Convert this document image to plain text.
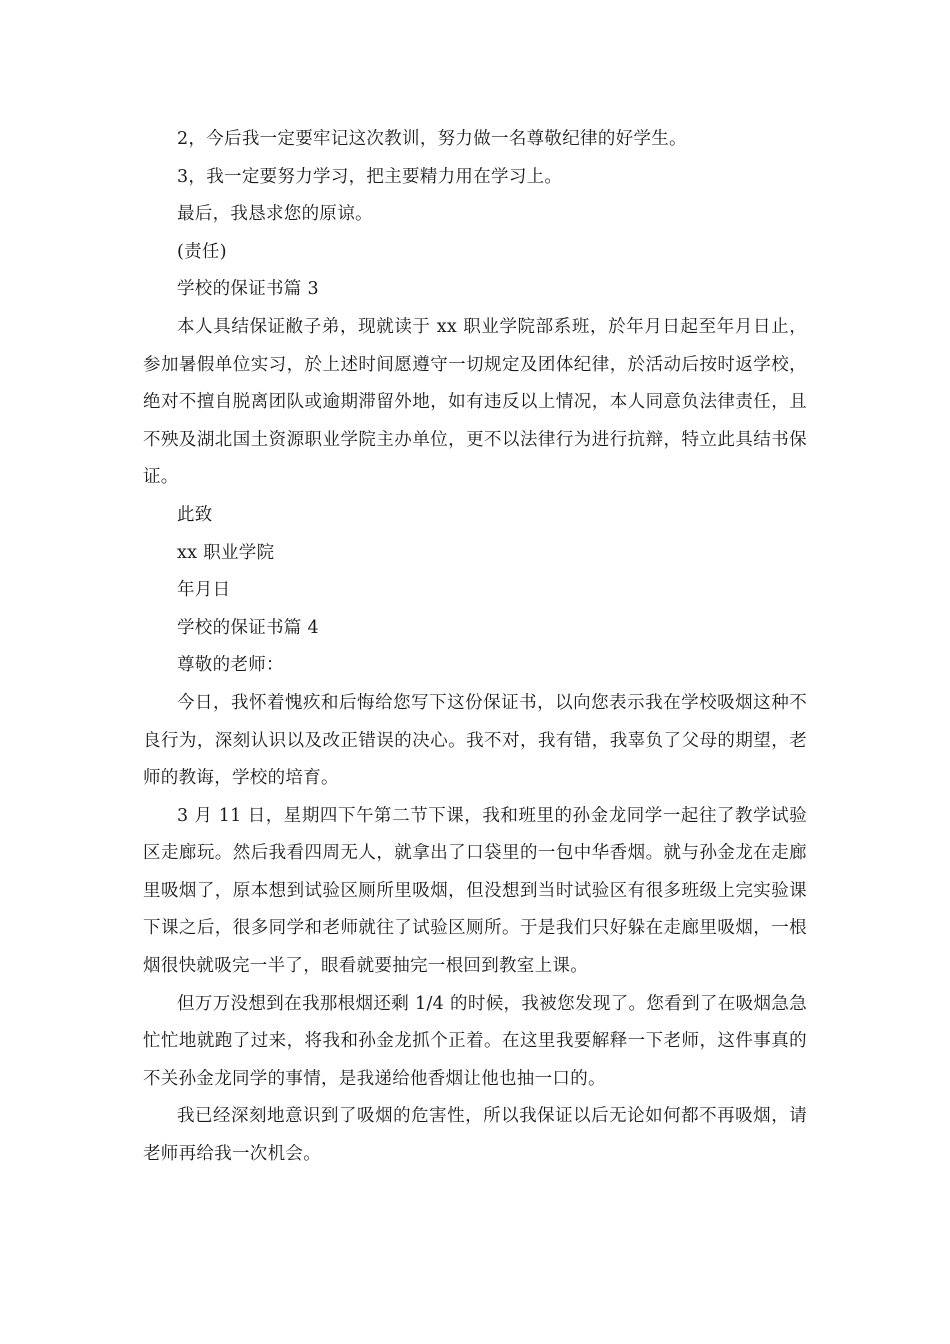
2，今后我一定要牢记这次教训，努力做一名尊敬纪律的好学生。

3，我一定要努力学习，把主要精力用在学习上。

最后，我恳求您的原谅。

(责任)

学校的保证书篇 3

本人具结保证敝子弟，现就读于 xx 职业学院部系班，於年月日起至年月日止，参加暑假单位实习，於上述时间愿遵守一切规定及团体纪律，於活动后按时返学校，绝对不擅自脱离团队或逾期滞留外地，如有违反以上情况，本人同意负法律责任，且不殃及湖北国土资源职业学院主办单位，更不以法律行为进行抗辩，特立此具结书保证。

此致

xx 职业学院

年月日

学校的保证书篇 4

尊敬的老师：

今日，我怀着愧疚和后悔给您写下这份保证书，以向您表示我在学校吸烟这种不良行为，深刻认识以及改正错误的决心。我不对，我有错，我辜负了父母的期望，老师的教诲，学校的培育。

3 月 11 日，星期四下午第二节下课，我和班里的孙金龙同学一起往了教学试验区走廊玩。然后我看四周无人，就拿出了口袋里的一包中华香烟。就与孙金龙在走廊里吸烟了，原本想到试验区厕所里吸烟，但没想到当时试验区有很多班级上完实验课下课之后，很多同学和老师就往了试验区厕所。于是我们只好躲在走廊里吸烟，一根烟很快就吸完一半了，眼看就要抽完一根回到教室上课。

但万万没想到在我那根烟还剩 1/4 的时候，我被您发现了。您看到了在吸烟急急忙忙地就跑了过来，将我和孙金龙抓个正着。在这里我要解释一下老师，这件事真的不关孙金龙同学的事情，是我递给他香烟让他也抽一口的。

我已经深刻地意识到了吸烟的危害性，所以我保证以后无论如何都不再吸烟，请老师再给我一次机会。
